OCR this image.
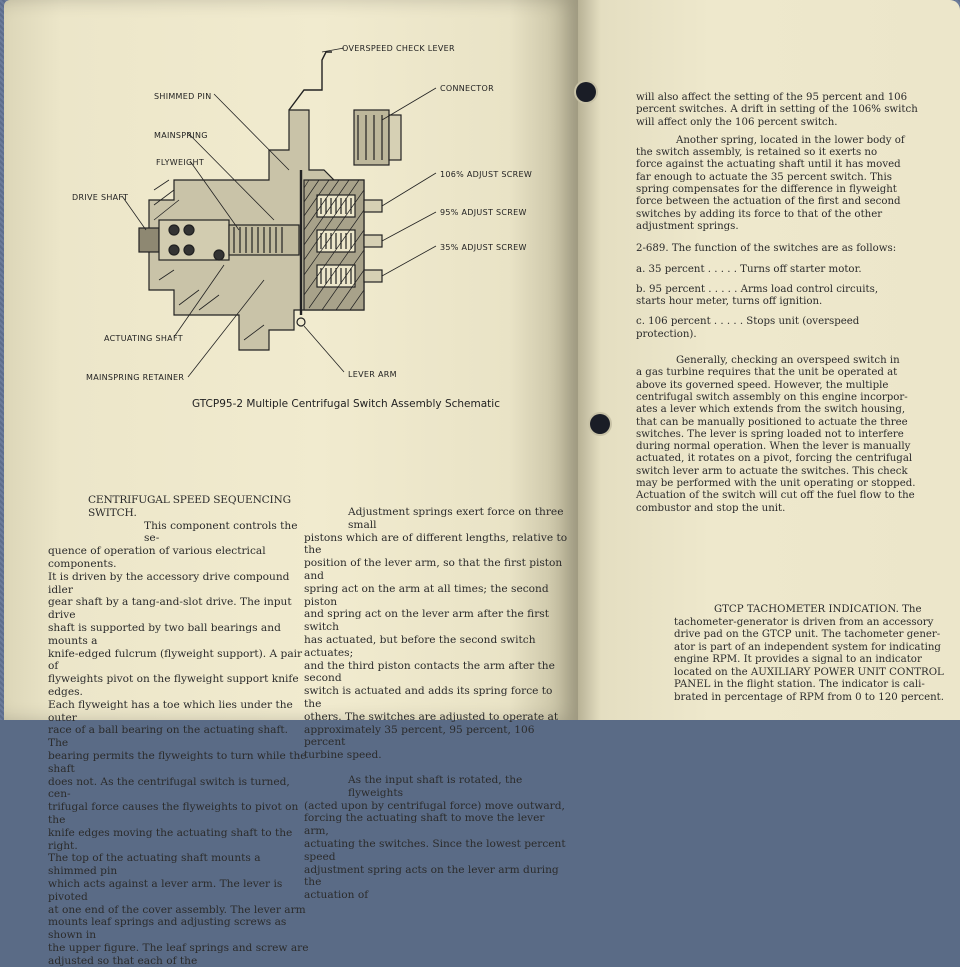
OVERSPEED CHECK LEVER
CONNECTOR
SHIMMED PIN
MAINSPRING
FLYWEIGHT
DRIVE SHAFT
106% ADJUST SCREW
95% ADJUST SCREW
35% ADJUST SCREW
ACTUATING SHAFT
MAINSPRING RETAINER	LEVER ARM
GTCP95-2 Multiple Centrifugal Switch Assembly Schematic

CENTRIFUGAL SPEED SEQUENCING SWITCH.

This component controls the se-

quence of operation of various electrical components.

It is driven by the accessory drive compound idler

gear shaft by a tang-and-slot drive. The input drive

shaft is supported by two ball bearings and mounts a

knife-edged fulcrum (flyweight support). A pair of

flyweights pivot on the flyweight support knife edges.

Each flyweight has a toe which lies under the outer

race of a ball bearing on the actuating shaft. The

bearing permits the flyweights to turn while the shaft

does not. As the centrifugal switch is turned, cen-

trifugal force causes the flyweights to pivot on the

knife edges moving the actuating shaft to the right.

The top of the actuating shaft mounts a shimmed pin

which acts against a lever arm. The lever is pivoted

at one end of the cover assembly. The lever arm

mounts leaf springs and adjusting screws as shown in

the upper figure. The leaf springs and screw are

adjusted so that each of the

Adjustment springs exert force on three small

pistons which are of different lengths, relative to the

position of the lever arm, so that the first piston and

spring act on the arm at all times; the second piston

and spring act on the lever arm after the first switch

has actuated, but before the second switch actuates;

and the third piston contacts the arm after the second

switch is actuated and adds its spring force to the

others. The switches are adjusted to operate at

approximately 35 percent, 95 percent, 106 percent

turbine speed.

As the input shaft is rotated, the flyweights

(acted upon by centrifugal force) move outward,

forcing the actuating shaft to move the lever arm,

actuating the switches. Since the lowest percent speed

adjustment spring acts on the lever arm during the

actuation of

will also affect the setting of the 95 percent and 106

percent switches. A drift in setting of the 106% switch

will affect only the 106 percent switch.

Another spring, located in the lower body of

the switch assembly, is retained so it exerts no

force against the actuating shaft until it has moved

far enough to actuate the 35 percent switch. This

spring compensates for the difference in flyweight

force between the actuation of the first and second

switches by adding its force to that of the other

adjustment springs.

2-689. The function of the switches are as follows:

a. 35 percent . . . . . Turns off starter motor.

b. 95 percent . . . . . Arms load control circuits,

starts hour meter, turns off ignition.

c. 106 percent . . . . . Stops unit (overspeed

protection).

Generally, checking an overspeed switch in

a gas turbine requires that the unit be operated at

above its governed speed. However, the multiple

centrifugal switch assembly on this engine incorpor-

ates a lever which extends from the switch housing,

that can be manually positioned to actuate the three

switches. The lever is spring loaded not to interfere

during normal operation. When the lever is manually

actuated, it rotates on a pivot, forcing the centrifugal

switch lever arm to actuate the switches. This check

may be performed with the unit operating or stopped.

Actuation of the switch will cut off the fuel flow to the

combustor and stop the unit.

GTCP TACHOMETER INDICATION. The

tachometer-generator is driven from an accessory

drive pad on the GTCP unit. The tachometer gener-

ator is part of an independent system for indicating

engine RPM. It provides a signal to an indicator

located on the AUXILIARY POWER UNIT CONTROL

PANEL in the flight station. The indicator is cali-

brated in percentage of RPM from 0 to 120 percent.
